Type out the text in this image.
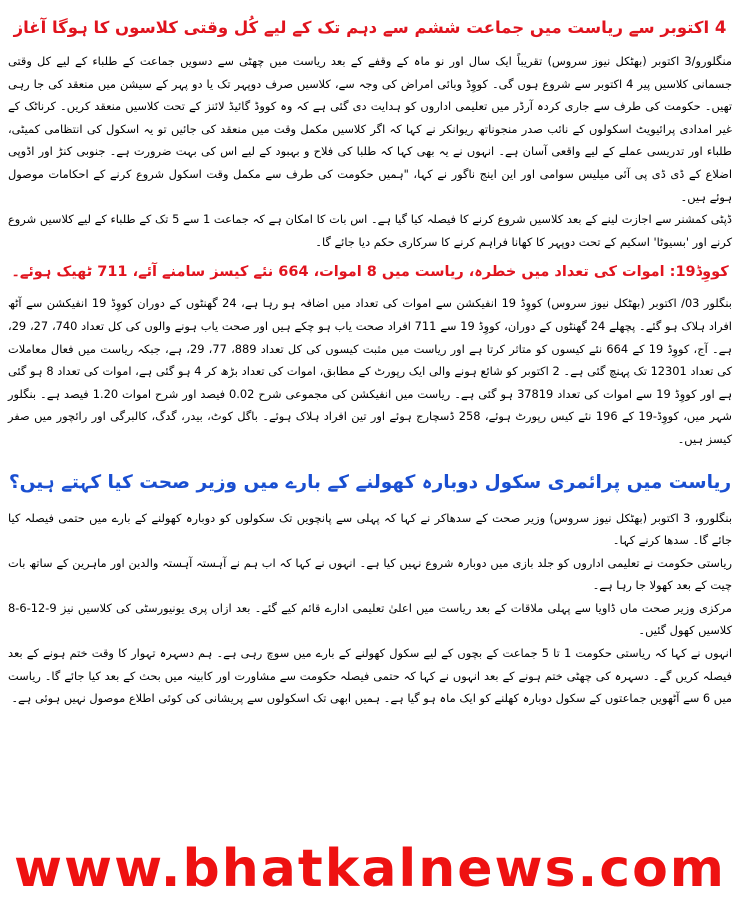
4 اکتوبر سے ریاست میں جماعت ششم سے دہم تک کے لیے کُل وقتی کلاسوں کا ہوگا آغاز

منگلورو/3 اکتوبر (بھٹکل نیوز سروس) تقریباً ایک سال اور نو ماہ کے وقفے کے بعد ریاست میں چھٹی سے دسویں جماعت کے طلباء کے لیے کل وقتی جسمانی کلاسیں پیر 4 اکتوبر سے شروع ہوں گی۔ کووِڈ وبائی امراض کی وجہ سے، کلاسیں صرف دوپہر تک یا دو پہر کے سیشن میں منعقد کی جا رہی تھیں۔ حکومت کی طرف سے جاری کردہ آرڈر میں تعلیمی اداروں کو ہدایت دی گئی ہے کہ وہ کووڈ گائیڈ لائنز کے تحت کلاسیں منعقد کریں۔ کرناٹک کے غیر امدادی پرائیویٹ اسکولوں کے نائب صدر منجوناتھ ریوانکر نے کہا کہ اگر کلاسیں مکمل وقت میں منعقد کی جائیں تو یہ اسکول کی انتظامی کمیٹی، طلباء اور تدریسی عملے کے لیے واقعی آسان ہے۔ انہوں نے یہ بھی کہا کہ طلبا کی فلاح و بہبود کے لیے اس کی بہت ضرورت ہے۔ جنوبی کنڑ اور اڈوپی اضلاع کے ڈی ڈی پی آئی میلیس سوامی اور این اینج ناگور نے کہا، "ہمیں حکومت کی طرف سے مکمل وقت اسکول شروع کرنے کے احکامات موصول ہوئے ہیں۔

ڈپٹی کمشنر سے اجازت لینے کے بعد کلاسیں شروع کرنے کا فیصلہ کیا گیا ہے۔ اس بات کا امکان ہے کہ جماعت 1 سے 5 تک کے طلباء کے لیے کلاسیں شروع کرنے اور 'بسیوٹا' اسکیم کے تحت دوپہر کا کھانا فراہم کرنے کا سرکاری حکم دیا جائے گا۔

کووِڈ19: اموات کی تعداد میں خطرہ، ریاست میں 8 اموات، 664 نئے کیسز سامنے آئے، 711 ٹھیک ہوئے۔

بنگلور 03/ اکتوبر (بھٹکل نیوز سروس) کووِڈ 19 انفیکشن سے اموات کی تعداد میں اضافہ ہو رہا ہے، 24 گھنٹوں کے دوران کووِڈ 19 انفیکشن سے آٹھ افراد ہلاک ہو گئے۔ پچھلے 24 گھنٹوں کے دوران، کووِڈ 19 سے 711 افراد صحت یاب ہو چکے ہیں اور صحت یاب ہونے والوں کی کل تعداد 740، 27، 29، ہے۔ آج، کووِڈ 19 کے 664 نئے کیسوں کو متاثر کرتا ہے اور ریاست میں مثبت کیسوں کی کل تعداد 889، 77، 29، ہے، جبکہ ریاست میں فعال معاملات کی تعداد 12301 تک پہنچ گئی ہے۔ 2 اکتوبر کو شائع ہونے والی ایک رپورٹ کے مطابق، اموات کی تعداد بڑھ کر 4 ہو گئی ہے، اموات کی تعداد 8 ہو گئی ہے اور کووِڈ 19 سے اموات کی تعداد 37819 ہو گئی ہے۔ ریاست میں انفیکشن کی مجموعی شرح 0.02 فیصد اور شرح اموات 1.20 فیصد ہے۔ بنگلور شہر میں، کووِڈ-19 کے 196 نئے کیس رپورٹ ہوئے، 258 ڈسچارج ہوئے اور تین افراد ہلاک ہوئے۔ باگل کوٹ، بیدر، گدگ، کالبرگی اور رائچور میں صفر کیسز ہیں۔

ریاست میں پرائمری سکول دوبارہ کھولنے کے بارے میں وزیر صحت کیا کہتے ہیں؟

بنگلورو، 3 اکتوبر (بھٹکل نیوز سروس) وزیر صحت کے سدھاکر نے کہا کہ پہلی سے پانچویں تک سکولوں کو دوبارہ کھولنے کے بارے میں حتمی فیصلہ کیا جائے گا۔ سدھا کرنے کہا۔

ریاستی حکومت نے تعلیمی اداروں کو جلد بازی میں دوبارہ شروع نہیں کیا ہے۔ انہوں نے کہا کہ اب ہم نے آہستہ آہستہ والدین اور ماہرین کے ساتھ بات چیت کے بعد کھولا جا رہا ہے۔

مرکزی وزیر صحت ماں ڈاویا سے پہلی ملاقات کے بعد ریاست میں اعلیٰ تعلیمی ادارے قائم کیے گئے۔ بعد ازاں پری یونیورسٹی کی کلاسیں نیز 9-12-6-8 کلاسیں کھول گئیں۔

انہوں نے کہا کہ ریاستی حکومت 1 تا 5 جماعت کے بچوں کے لیے سکول کھولنے کے بارے میں سوچ رہی ہے۔ ہم دسہرہ تہوار کا وقت ختم ہونے کے بعد فیصلہ کریں گے۔ دسہرہ کی چھٹی ختم ہونے کے بعد انہوں نے کہا کہ حتمی فیصلہ حکومت سے مشاورت اور کابینہ میں بحث کے بعد کیا جائے گا۔ ریاست میں 6 سے آٹھویں جماعتوں کے سکول دوبارہ کھلنے کو ایک ماہ ہو گیا ہے۔ ہمیں ابھی تک اسکولوں سے پریشانی کی کوئی اطلاع موصول نہیں ہوئی ہے۔

www.bhatkalnews.com
